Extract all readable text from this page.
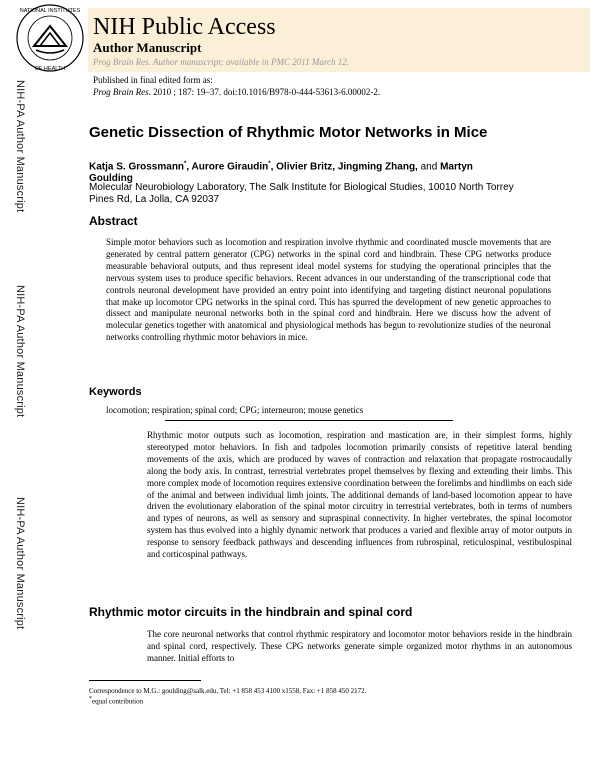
NATIONAL INSTITUTES
OF HEALTH
NIH Public Access
Author Manuscript
Prog Brain Res. Author manuscript; available in PMC 2011 March 12.
Published in final edited form as:
Prog Brain Res. 2010 ; 187: 19–37. doi:10.1016/B978-0-444-53613-6.00002-2.
NIH-PA Author Manuscript
NIH-PA Author Manuscript
NIH-PA Author Manuscript
Genetic Dissection of Rhythmic Motor Networks in Mice
Katja S. Grossmann*, Aurore Giraudin*, Olivier Britz, Jingming Zhang, and Martyn
Goulding
Molecular Neurobiology Laboratory, The Salk Institute for Biological Studies, 10010 North Torrey Pines Rd, La Jolla, CA 92037
Abstract
Simple motor behaviors such as locomotion and respiration involve rhythmic and coordinated muscle movements that are generated by central pattern generator (CPG) networks in the spinal cord and hindbrain. These CPG networks produce measurable behavioral outputs, and thus represent ideal model systems for studying the operational principles that the nervous system uses to produce specific behaviors. Recent advances in our understanding of the transcriptional code that controls neuronal development have provided an entry point into identifying and targeting distinct neuronal populations that make up locomotor CPG networks in the spinal cord. This has spurred the development of new genetic approaches to dissect and manipulate neuronal networks both in the spinal cord and hindbrain. Here we discuss how the advent of molecular genetics together with anatomical and physiological methods has begun to revolutionize studies of the neuronal networks controlling rhythmic motor behaviors in mice.
Keywords
locomotion; respiration; spinal cord; CPG; interneuron; mouse genetics
Rhythmic motor outputs such as locomotion, respiration and mastication are, in their simplest forms, highly stereotyped motor behaviors. In fish and tadpoles locomotion primarily consists of repetitive lateral bending movements of the axis, which are produced by waves of contraction and relaxation that propagate rostrocaudally along the body axis. In contrast, terrestrial vertebrates propel themselves by flexing and extending their limbs. This more complex mode of locomotion requires extensive coordination between the forelimbs and hindlimbs on each side of the animal and between individual limb joints. The additional demands of land-based locomotion appear to have driven the evolutionary elaboration of the spinal motor circuitry in terrestrial vertebrates, both in terms of numbers and types of neurons, as well as sensory and supraspinal connectivity. In higher vertebrates, the spinal locomotor system has thus evolved into a highly dynamic network that produces a varied and flexible array of motor outputs in response to sensory feedback pathways and descending influences from rubrospinal, reticulospinal, vestibulospinal and corticospinal pathways.
Rhythmic motor circuits in the hindbrain and spinal cord
The core neuronal networks that control rhythmic respiratory and locomotor motor behaviors reside in the hindbrain and spinal cord, respectively. These CPG networks generate simple organized motor rhythms in an autonomous manner. Initial efforts to
Correspondence to M.G.: goulding@salk.edu, Tel: +1 858 453 4100 x1558, Fax: +1 858 450 2172.
*equal contribution
